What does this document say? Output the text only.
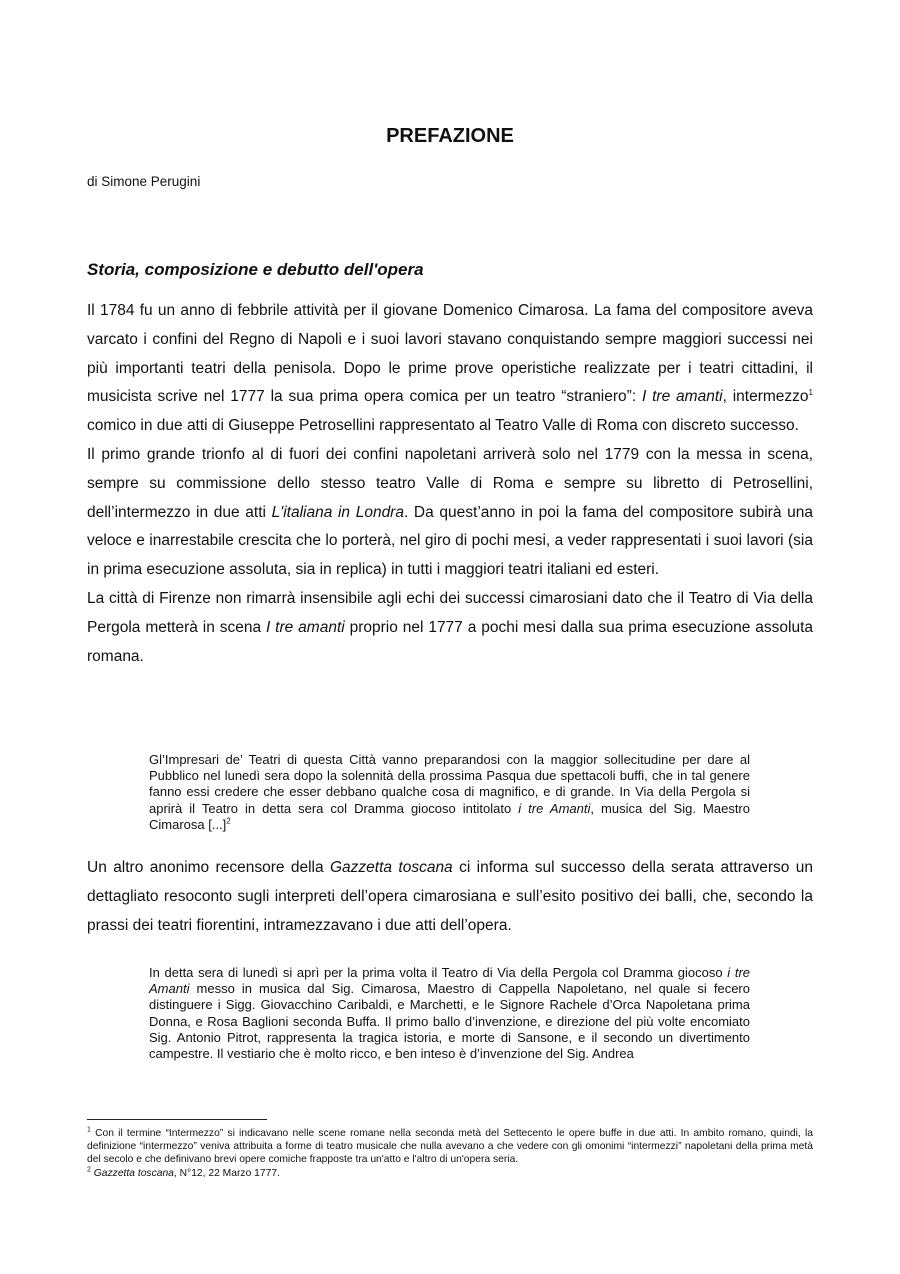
PREFAZIONE
di Simone Perugini
Storia, composizione e debutto dell'opera

Il 1784 fu un anno di febbrile attività per il giovane Domenico Cimarosa. La fama del compositore aveva varcato i confini del Regno di Napoli e i suoi lavori stavano conquistando sempre maggiori successi nei più importanti teatri della penisola. Dopo le prime prove operistiche realizzate per i teatri cittadini, il musicista scrive nel 1777 la sua prima opera comica per un teatro “straniero”: I tre amanti, intermezzo$^1$ comico in due atti di Giuseppe Petrosellini rappresentato al Teatro Valle di Roma con discreto successo.

Il primo grande trionfo al di fuori dei confini napoletani arriverà solo nel 1779 con la messa in scena, sempre su commissione dello stesso teatro Valle di Roma e sempre su libretto di Petrosellini, dell’intermezzo in due atti L'italiana in Londra. Da quest’anno in poi la fama del compositore subirà una veloce e inarrestabile crescita che lo porterà, nel giro di pochi mesi, a veder rappresentati i suoi lavori (sia in prima esecuzione assoluta, sia in replica) in tutti i maggiori teatri italiani ed esteri.

La città di Firenze non rimarrà insensibile agli echi dei successi cimarosiani dato che il Teatro di Via della Pergola metterà in scena I tre amanti proprio nel 1777 a pochi mesi dalla sua prima esecuzione assoluta romana.

Gl’Impresari de’ Teatri di questa Città vanno preparandosi con la maggior sollecitudine per dare al Pubblico nel lunedì sera dopo la solennità della prossima Pasqua due spettacoli buffi, che in tal genere fanno essi credere che esser debbano qualche cosa di magnifico, e di grande. In Via della Pergola si aprirà il Teatro in detta sera col Dramma giocoso intitolato i tre Amanti, musica del Sig. Maestro Cimarosa [...]$^2$

Un altro anonimo recensore della Gazzetta toscana ci informa sul successo della serata attraverso un dettagliato resoconto sugli interpreti dell’opera cimarosiana e sull’esito positivo dei balli, che, secondo la prassi dei teatri fiorentini, intramezzavano i due atti dell’opera.

In detta sera di lunedì si aprì per la prima volta il Teatro di Via della Pergola col Dramma giocoso i tre Amanti messo in musica dal Sig. Cimarosa, Maestro di Cappella Napoletano, nel quale si fecero distinguere i Sigg. Giovacchino Caribaldi, e Marchetti, e le Signore Rachele d’Orca Napoletana prima Donna, e Rosa Baglioni seconda Buffa. Il primo ballo d’invenzione, e direzione del più volte encomiato Sig. Antonio Pitrot, rappresenta la tragica istoria, e morte di Sansone, e il secondo un divertimento campestre. Il vestiario che è molto ricco, e ben inteso è d’invenzione del Sig. Andrea

$^1$ Con il termine “Intermezzo” si indicavano nelle scene romane nella seconda metà del Settecento le opere buffe in due atti. In ambito romano, quindi, la definizione “intermezzo” veniva attribuita a forme di teatro musicale che nulla avevano a che vedere con gli omonimi “intermezzi” napoletani della prima metà del secolo e che definivano brevi opere comiche frapposte tra un'atto e l'altro di un'opera seria.

$^2$ Gazzetta toscana, N°12, 22 Marzo 1777.
